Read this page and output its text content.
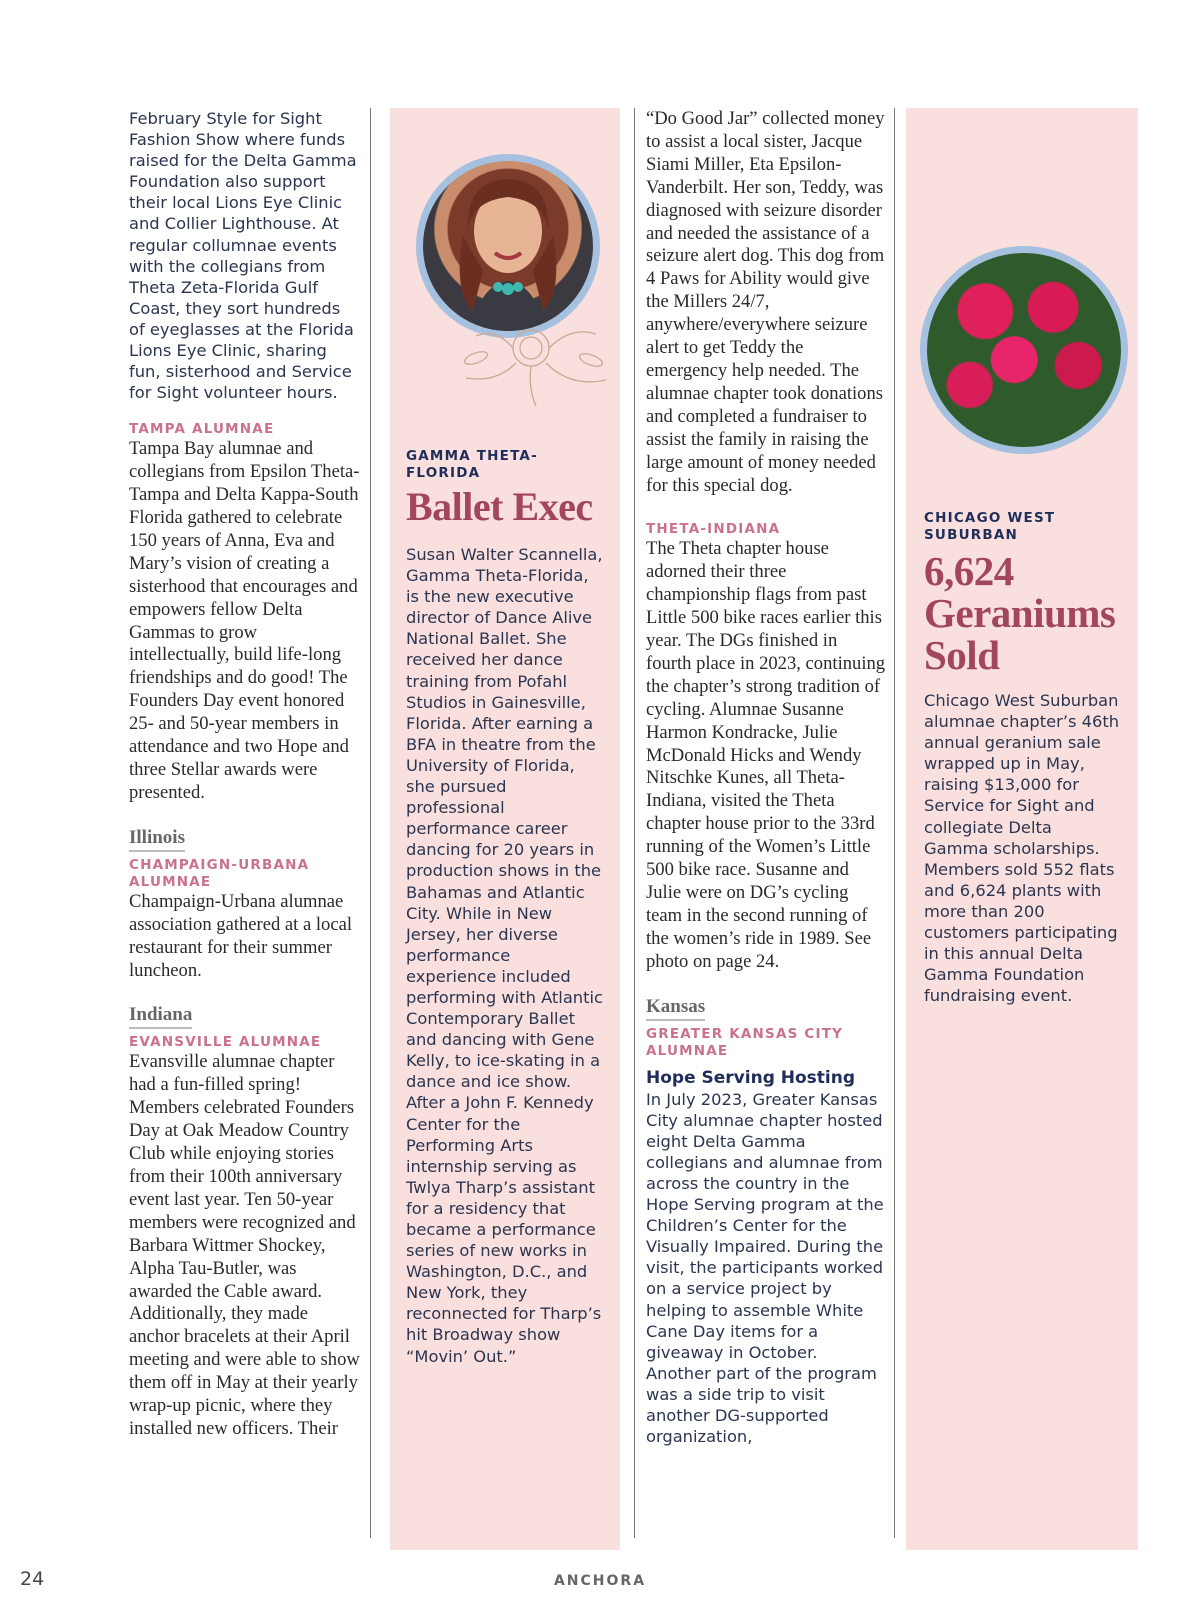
February Style for Sight Fashion Show where funds raised for the Delta Gamma Foundation also support their local Lions Eye Clinic and Collier Lighthouse. At regular collumnae events with the collegians from Theta Zeta-Florida Gulf Coast, they sort hundreds of eyeglasses at the Florida Lions Eye Clinic, sharing fun, sisterhood and Service for Sight volunteer hours.
TAMPA ALUMNAE
Tampa Bay alumnae and collegians from Epsilon Theta-Tampa and Delta Kappa-South Florida gathered to celebrate 150 years of Anna, Eva and Mary’s vision of creating a sisterhood that encourages and empowers fellow Delta Gammas to grow intellectually, build life-long friendships and do good! The Founders Day event honored 25- and 50-year members in attendance and two Hope and three Stellar awards were presented.
Illinois
CHAMPAIGN-URBANA ALUMNAE
Champaign-Urbana alumnae association gathered at a local restaurant for their summer luncheon.
Indiana
EVANSVILLE ALUMNAE
Evansville alumnae chapter had a fun-filled spring! Members celebrated Founders Day at Oak Meadow Country Club while enjoying stories from their 100th anniversary event last year. Ten 50-year members were recognized and Barbara Wittmer Shockey, Alpha Tau-Butler, was awarded the Cable award. Additionally, they made anchor bracelets at their April meeting and were able to show them off in May at their yearly wrap-up picnic, where they installed new officers. Their
GAMMA THETA-FLORIDA
Ballet Exec
Susan Walter Scannella, Gamma Theta-Florida, is the new executive director of Dance Alive National Ballet. She received her dance training from Pofahl Studios in Gainesville, Florida. After earning a BFA in theatre from the University of Florida, she pursued professional performance career dancing for 20 years in production shows in the Bahamas and Atlantic City. While in New Jersey, her diverse performance experience included performing with Atlantic Contemporary Ballet and dancing with Gene Kelly, to ice-skating in a dance and ice show. After a John F. Kennedy Center for the Performing Arts internship serving as Twlya Tharp’s assistant for a residency that became a performance series of new works in Washington, D.C., and New York, they reconnected for Tharp’s hit Broadway show “Movin’ Out.”
“Do Good Jar” collected money to assist a local sister, Jacque Siami Miller, Eta Epsilon-Vanderbilt. Her son, Teddy, was diagnosed with seizure disorder and needed the assistance of a seizure alert dog. This dog from 4 Paws for Ability would give the Millers 24/7, anywhere/everywhere seizure alert to get Teddy the emergency help needed. The alumnae chapter took donations and completed a fundraiser to assist the family in raising the large amount of money needed for this special dog.
THETA-INDIANA
The Theta chapter house adorned their three championship flags from past Little 500 bike races earlier this year. The DGs finished in fourth place in 2023, continuing the chapter’s strong tradition of cycling. Alumnae Susanne Harmon Kondracke, Julie McDonald Hicks and Wendy Nitschke Kunes, all Theta-Indiana, visited the Theta chapter house prior to the 33rd running of the Women’s Little 500 bike race. Susanne and Julie were on DG’s cycling team in the second running of the women’s ride in 1989. See photo on page 24.
Kansas
GREATER KANSAS CITY ALUMNAE
Hope Serving Hosting
In July 2023, Greater Kansas City alumnae chapter hosted eight Delta Gamma collegians and alumnae from across the country in the Hope Serving program at the Children’s Center for the Visually Impaired. During the visit, the participants worked on a service project by helping to assemble White Cane Day items for a giveaway in October. Another part of the program was a side trip to visit another DG-supported organization,
CHICAGO WEST SUBURBAN
6,624
Geraniums
Sold
Chicago West Suburban alumnae chapter’s 46th annual geranium sale wrapped up in May, raising $13,000 for Service for Sight and collegiate Delta Gamma scholarships. Members sold 552 flats and 6,624 plants with more than 200 customers participating in this annual Delta Gamma Foundation fundraising event.
24	ANCHORA
